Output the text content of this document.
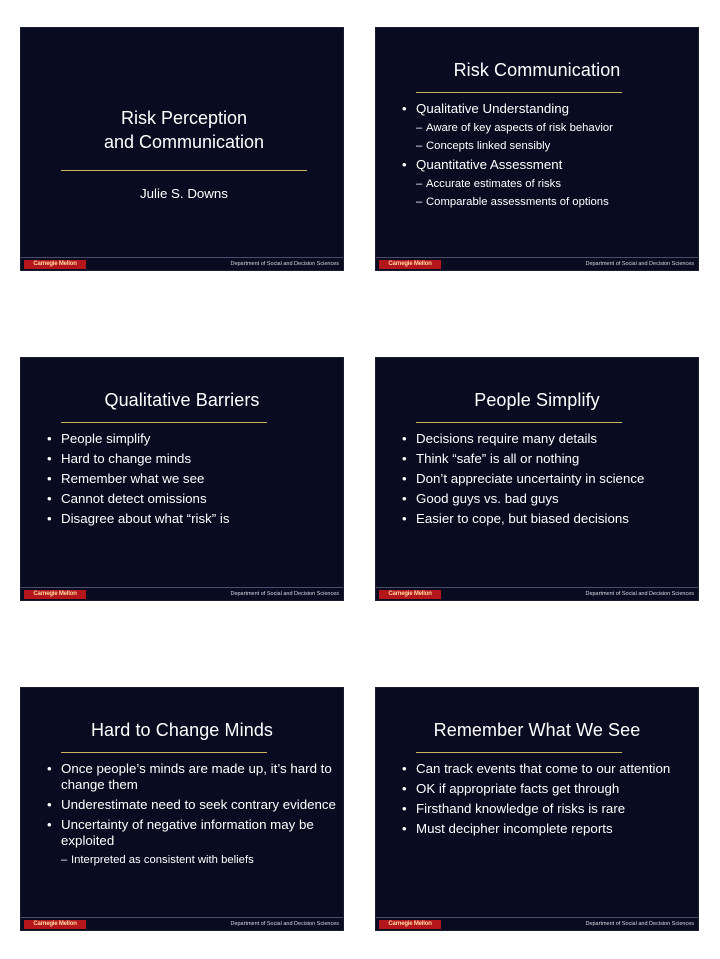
Risk Perception
and Communication
Julie S. Downs
Carnegie Mellon	Department of Social and Decision Sciences
Risk Communication
• Qualitative Understanding
– Aware of key aspects of risk behavior
– Concepts linked sensibly
• Quantitative Assessment
– Accurate estimates of risks
– Comparable assessments of options
Carnegie Mellon	Department of Social and Decision Sciences
Qualitative Barriers
• People simplify
• Hard to change minds
• Remember what we see
• Cannot detect omissions
• Disagree about what “risk” is
Carnegie Mellon	Department of Social and Decision Sciences
People Simplify
• Decisions require many details
• Think “safe” is all or nothing
• Don’t appreciate uncertainty in science
• Good guys vs. bad guys
• Easier to cope, but biased decisions
Carnegie Mellon	Department of Social and Decision Sciences
Hard to Change Minds
• Once people’s minds are made up, it’s hard to change them
• Underestimate need to seek contrary evidence
• Uncertainty of negative information may be exploited
– Interpreted as consistent with beliefs
Carnegie Mellon	Department of Social and Decision Sciences
Remember What We See
• Can track events that come to our attention
• OK if appropriate facts get through
• Firsthand knowledge of risks is rare
• Must decipher incomplete reports
Carnegie Mellon	Department of Social and Decision Sciences
